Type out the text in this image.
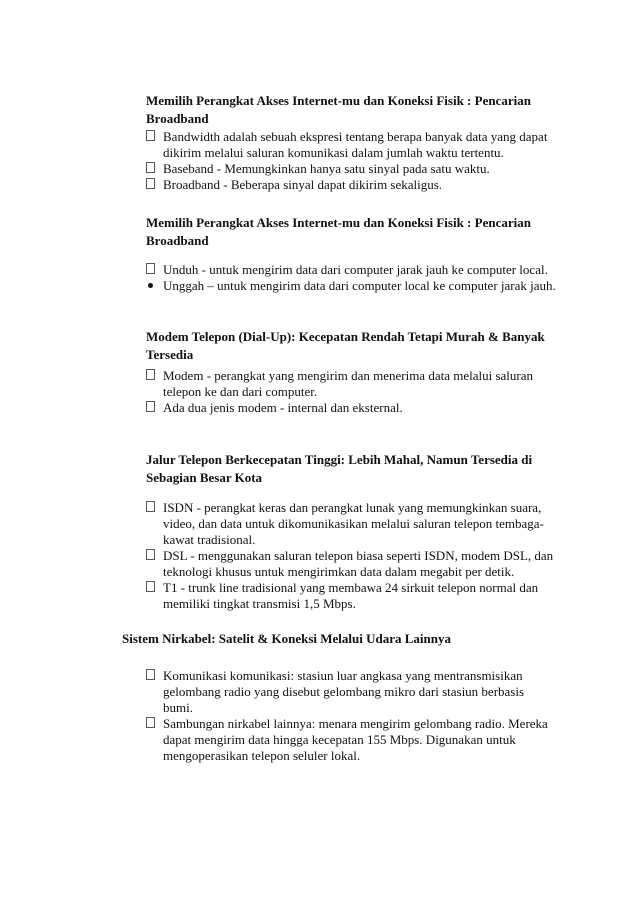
Memilih Perangkat Akses Internet-mu dan Koneksi Fisik : Pencarian Broadband

Bandwidth adalah sebuah ekspresi tentang berapa banyak data yang dapat dikirim melalui saluran komunikasi dalam jumlah waktu tertentu.
Baseband - Memungkinkan hanya satu sinyal pada satu waktu.
Broadband - Beberapa sinyal dapat dikirim sekaligus.

Memilih Perangkat Akses Internet-mu dan Koneksi Fisik : Pencarian Broadband

Unduh - untuk mengirim data dari computer jarak jauh ke computer local.
Unggah – untuk mengirim data dari computer local ke computer jarak jauh.

Modem Telepon (Dial-Up): Kecepatan Rendah Tetapi Murah & Banyak Tersedia

Modem - perangkat yang mengirim dan menerima data melalui saluran telepon ke dan dari computer.
Ada dua jenis modem - internal dan eksternal.

Jalur Telepon Berkecepatan Tinggi: Lebih Mahal, Namun Tersedia di Sebagian Besar Kota

ISDN - perangkat keras dan perangkat lunak yang memungkinkan suara, video, dan data untuk dikomunikasikan melalui saluran telepon tembaga-kawat tradisional.
DSL - menggunakan saluran telepon biasa seperti ISDN, modem DSL, dan teknologi khusus untuk mengirimkan data dalam megabit per detik.
T1 - trunk line tradisional yang membawa 24 sirkuit telepon normal dan memiliki tingkat transmisi 1,5 Mbps.

Sistem Nirkabel: Satelit & Koneksi Melalui Udara Lainnya

Komunikasi komunikasi: stasiun luar angkasa yang mentransmisikan gelombang radio yang disebut gelombang mikro dari stasiun berbasis bumi.
Sambungan nirkabel lainnya: menara mengirim gelombang radio. Mereka dapat mengirim data hingga kecepatan 155 Mbps. Digunakan untuk mengoperasikan telepon seluler lokal.
